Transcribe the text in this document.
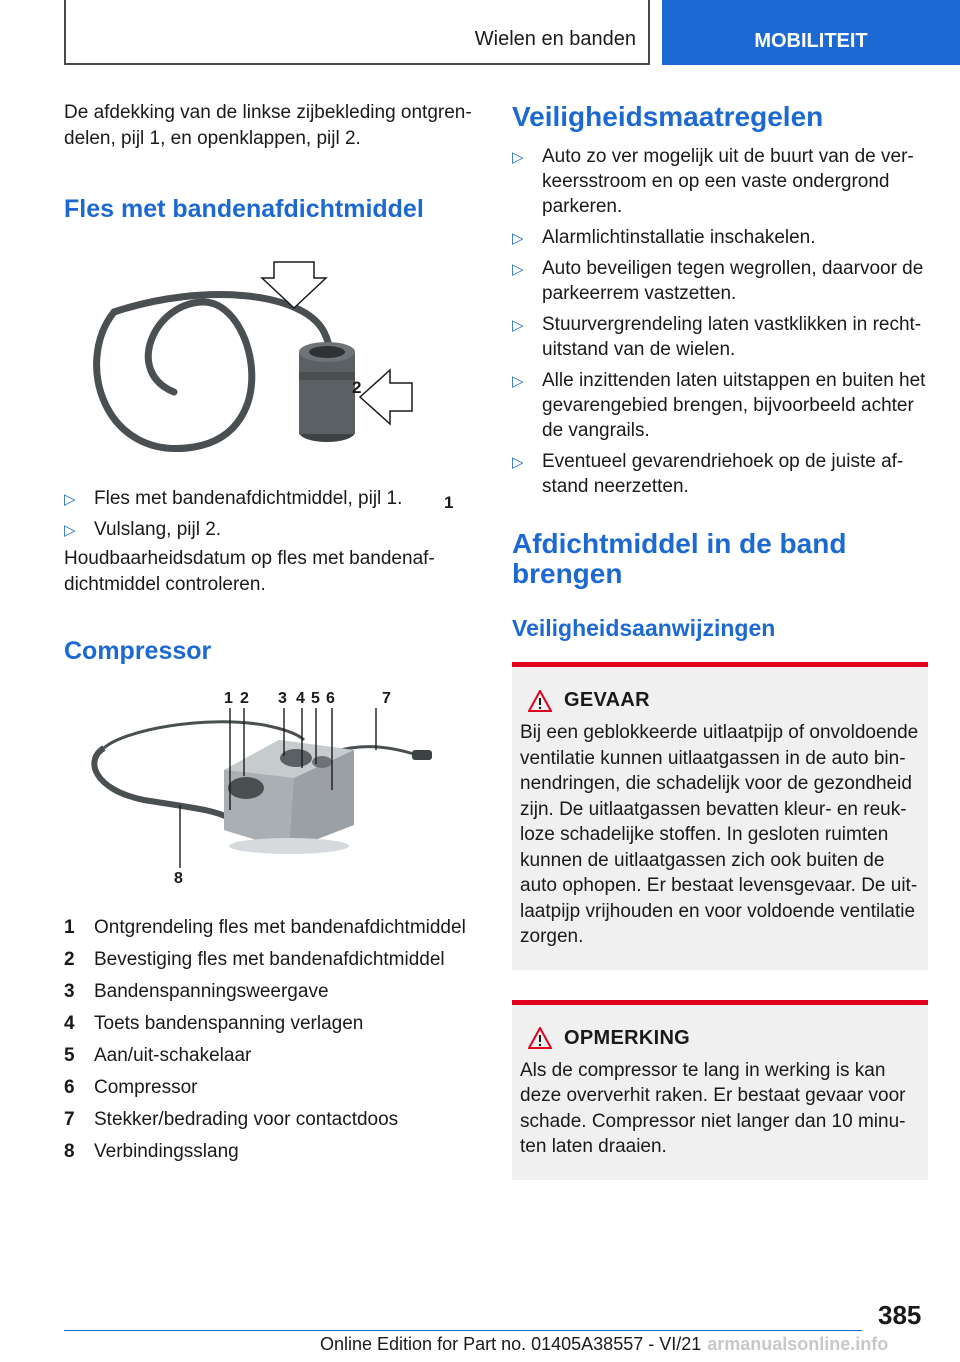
Wielen en banden	MOBILITEIT

De afdekking van de linkse zijbekleding ontgren-delen, pijl 1, en openklappen, pijl 2.

Fles met bandenafdichtmiddel
2
1
▷ Fles met bandenafdichtmiddel, pijl 1.
▷ Vulslang, pijl 2.

Houdbaarheidsdatum op fles met bandenaf-dichtmiddel controleren.

Compressor
1 2 3 4 5 6	7
8
1	Ontgrendeling fles met bandenafdichtmiddel
2	Bevestiging fles met bandenafdichtmiddel
3	Bandenspanningsweergave
4	Toets bandenspanning verlagen
5	Aan/uit-schakelaar
6	Compressor
7	Stekker/bedrading voor contactdoos
8	Verbindingsslang
Veiligheidsmaatregelen
▷ Auto zo ver mogelijk uit de buurt van de ver-keersstroom en op een vaste ondergrond parkeren.
▷ Alarmlichtinstallatie inschakelen.
▷ Auto beveiligen tegen wegrollen, daarvoor de parkeerrem vastzetten.
▷ Stuurvergrendeling laten vastklikken in recht-uitstand van de wielen.
▷ Alle inzittenden laten uitstappen en buiten het gevarengebied brengen, bijvoorbeeld achter de vangrails.
▷ Eventueel gevarendriehoek op de juiste af-stand neerzetten.
Afdichtmiddel in de band brengen
Veiligheidsaanwijzingen
GEVAAR

Bij een geblokkeerde uitlaatpijp of onvoldoende ventilatie kunnen uitlaatgassen in de auto bin-nendringen, die schadelijk voor de gezondheid zijn. De uitlaatgassen bevatten kleur- en reuk-loze schadelijke stoffen. In gesloten ruimten kunnen de uitlaatgassen zich ook buiten de auto ophopen. Er bestaat levensgevaar. De uit-laatpijp vrijhouden en voor voldoende ventilatie zorgen.

OPMERKING

Als de compressor te lang in werking is kan deze oververhit raken. Er bestaat gevaar voor schade. Compressor niet langer dan 10 minu-ten laten draaien.

385
Online Edition for Part no. 01405A38557 - VI/21 armanualsonline.info
